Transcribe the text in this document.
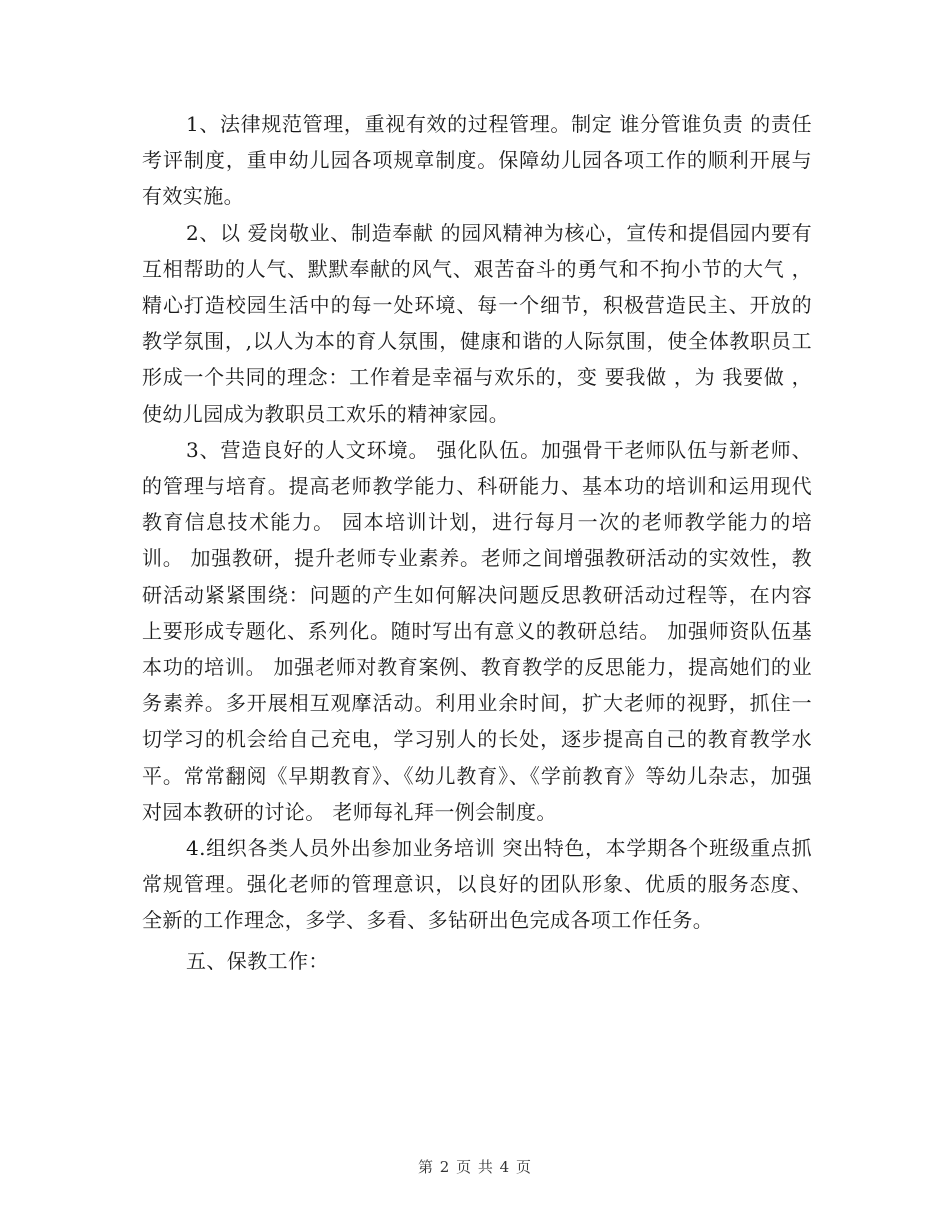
1、法律规范管理，重视有效的过程管理。制定 谁分管谁负责 的责任考评制度，重申幼儿园各项规章制度。保障幼儿园各项工作的顺利开展与有效实施。

2、以 爱岗敬业、制造奉献 的园风精神为核心，宣传和提倡园内要有 互相帮助的人气、默默奉献的风气、艰苦奋斗的勇气和不拘小节的大气 ，精心打造校园生活中的每一处环境、每一个细节，积极营造民主、开放的教学氛围，,以人为本的育人氛围，健康和谐的人际氛围，使全体教职员工形成一个共同的理念：工作着是幸福与欢乐的，变 要我做 ，为 我要做 ，使幼儿园成为教职员工欢乐的精神家园。

3、营造良好的人文环境。 强化队伍。加强骨干老师队伍与新老师、的管理与培育。提高老师教学能力、科研能力、基本功的培训和运用现代教育信息技术能力。 园本培训计划，进行每月一次的老师教学能力的培训。 加强教研，提升老师专业素养。老师之间增强教研活动的实效性，教研活动紧紧围绕：问题的产生如何解决问题反思教研活动过程等，在内容上要形成专题化、系列化。随时写出有意义的教研总结。 加强师资队伍基本功的培训。 加强老师对教育案例、教育教学的反思能力，提高她们的业务素养。多开展相互观摩活动。利用业余时间，扩大老师的视野，抓住一切学习的机会给自己充电，学习别人的长处，逐步提高自己的教育教学水平。常常翻阅《早期教育》、《幼儿教育》、《学前教育》等幼儿杂志，加强对园本教研的讨论。 老师每礼拜一例会制度。

4.组织各类人员外出参加业务培训 突出特色，本学期各个班级重点抓常规管理。强化老师的管理意识，以良好的团队形象、优质的服务态度、全新的工作理念，多学、多看、多钻研出色完成各项工作任务。

五、保教工作：

第 2 页 共 4 页
